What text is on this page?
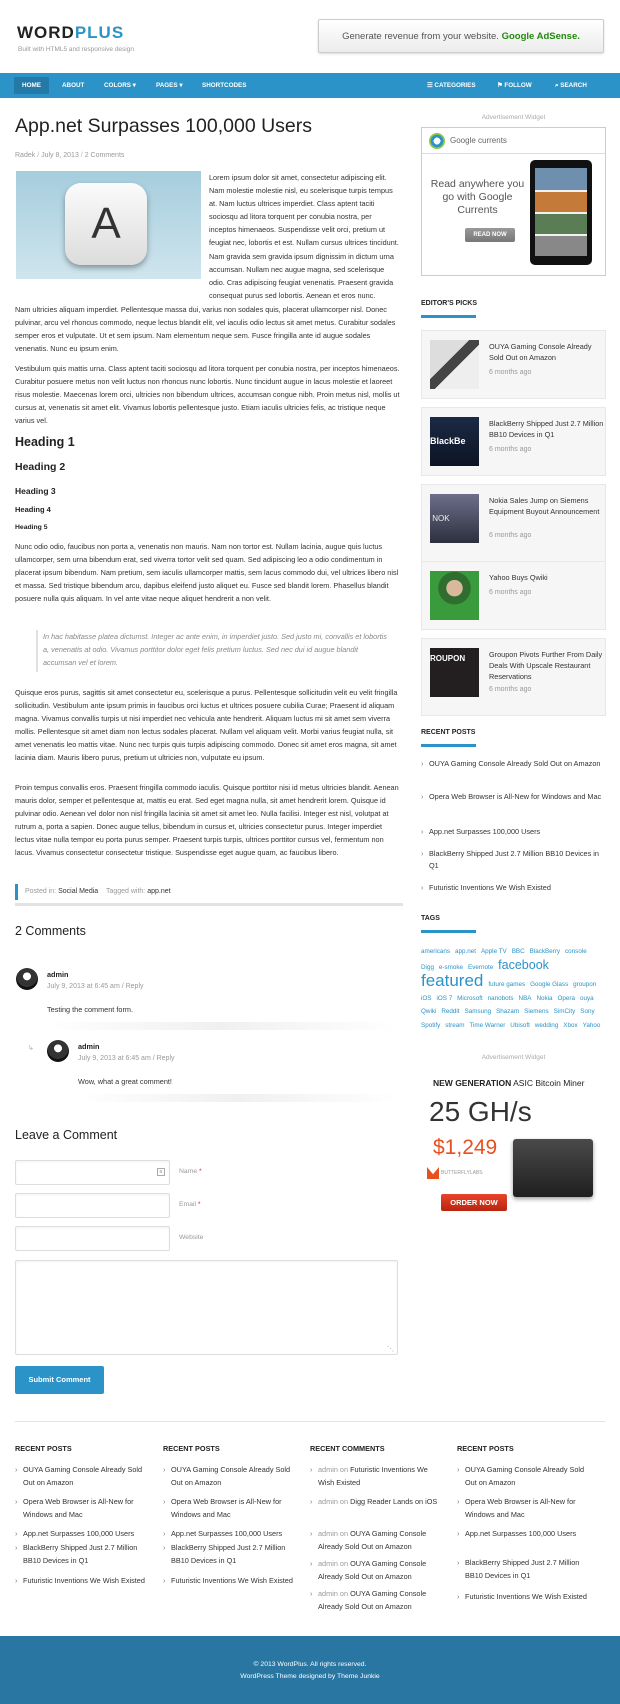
WORDPLUS
Built with HTML5 and responsive design
Generate revenue from your website. Google AdSense.
HOME	ABOUT	COLORS ▾	PAGES ▾	SHORTCODES	☰ CATEGORIES	⚑ FOLLOW	⌕ SEARCH
App.net Surpasses 100,000 Users
Radek / July 8, 2013 / 2 Comments
A
Lorem ipsum dolor sit amet, consectetur adipiscing elit. Nam molestie molestie nisl, eu scelerisque turpis tempus at. Nam luctus ultrices imperdiet. Class aptent taciti sociosqu ad litora torquent per conubia nostra, per inceptos himenaeos. Suspendisse velit orci, pretium ut feugiat nec, lobortis et est. Nullam cursus ultrices tincidunt. Nam gravida sem gravida ipsum dignissim in dictum urna accumsan. Nullam nec augue magna, sed scelerisque odio. Cras adipiscing feugiat venenatis. Praesent gravida consequat purus sed lobortis. Aenean et eros nunc.
Nam ultricies aliquam imperdiet. Pellentesque massa dui, varius non sodales quis, placerat ullamcorper nisl. Donec pulvinar, arcu vel rhoncus commodo, neque lectus blandit elit, vel iaculis odio lectus sit amet metus. Curabitur sodales semper eros et vulputate. Ut et sem ipsum. Nam elementum neque sem. Fusce fringilla ante id augue sodales venenatis. Nunc eu ipsum enim.
Vestibulum quis mattis urna. Class aptent taciti sociosqu ad litora torquent per conubia nostra, per inceptos himenaeos. Curabitur posuere metus non velit luctus non rhoncus nunc lobortis. Nunc tincidunt augue in lacus molestie et laoreet risus molestie. Maecenas lorem orci, ultricies non bibendum ultrices, accumsan congue nibh. Proin metus nisl, mollis ut cursus at, venenatis sit amet elit. Vivamus lobortis pellentesque justo. Etiam iaculis ultricies felis, ac tristique neque varius vel.
Heading 1
Heading 2
Heading 3
Heading 4
Heading 5
Nunc odio odio, faucibus non porta a, venenatis non mauris. Nam non tortor est. Nullam lacinia, augue quis luctus ullamcorper, sem urna bibendum erat, sed viverra tortor velit sed quam. Sed adipiscing leo a odio condimentum in placerat ipsum bibendum. Nam pretium, sem iaculis ullamcorper mattis, sem lacus commodo dui, vel ultrices libero nisl et massa. Sed tristique bibendum arcu, dapibus eleifend justo aliquet eu. Fusce sed blandit lorem. Phasellus blandit posuere nulla quis aliquam. In vel ante vitae neque aliquet hendrerit a non velit.
In hac habitasse platea dictumst. Integer ac ante enim, in imperdiet justo. Sed justo mi, convallis et lobortis a, venenatis at odio. Vivamus porttitor dolor eget felis pretium luctus. Sed nec dui id augue blandit accumsan vel et lorem.
Quisque eros purus, sagittis sit amet consectetur eu, scelerisque a purus. Pellentesque sollicitudin velit eu velit fringilla sollicitudin. Vestibulum ante ipsum primis in faucibus orci luctus et ultrices posuere cubilia Curae; Praesent id aliquam magna. Vivamus convallis turpis ut nisi imperdiet nec vehicula ante hendrerit. Aliquam luctus mi sit amet sem viverra mollis. Pellentesque sit amet diam non lectus sodales placerat. Nullam vel aliquam velit. Morbi varius feugiat nulla, sit amet venenatis leo mattis vitae. Nunc nec turpis quis turpis adipiscing commodo. Donec sit amet eros magna, sit amet lacinia diam. Mauris libero purus, pretium ut ultricies non, vulputate eu ipsum.
Proin tempus convallis eros. Praesent fringilla commodo iaculis. Quisque porttitor nisi id metus ultricies blandit. Aenean mauris dolor, semper et pellentesque at, mattis eu erat. Sed eget magna nulla, sit amet hendrerit lorem. Quisque id pulvinar odio. Aenean vel dolor non nisl fringilla lacinia sit amet sit amet leo. Nulla facilisi. Integer est nisl, volutpat at rutrum a, porta a sapien. Donec augue tellus, bibendum in cursus et, ultricies consectetur purus. Integer imperdiet lectus vitae nulla tempor eu porta purus semper. Praesent turpis turpis, ultrices porttitor cursus vel, fermentum non lacus. Vivamus consectetur consectetur tristique. Suspendisse eget augue quam, ac faucibus libero.
Posted in: Social Media Tagged with: app.net
2 Comments
admin
July 9, 2013 at 6:45 am / Reply
Testing the comment form.
↳	admin
July 9, 2013 at 6:45 am / Reply
Wow, what a great comment!
Leave a Comment
≡	Name *
Email *
Website
⋱
Submit Comment
Advertisement Widget
Google currents
Read anywhere you go with Google Currents
READ NOW
EDITOR'S PICKS
OUYA Gaming Console Already Sold Out on Amazon
6 months ago
BlackBe
BlackBerry Shipped Just 2.7 Million BB10 Devices in Q1
6 months ago
NOK
Nokia Sales Jump on Siemens Equipment Buyout Announcement
6 months ago
Yahoo Buys Qwiki
6 months ago
ROUPON	Groupon Pivots Further From Daily Deals With Upscale Restaurant Reservations
6 months ago
RECENT POSTS
› OUYA Gaming Console Already Sold Out on Amazon
› Opera Web Browser is All-New for Windows and Mac
› App.net Surpasses 100,000 Users
› BlackBerry Shipped Just 2.7 Million BB10 Devices in Q1
› Futuristic Inventions We Wish Existed
TAGS
americans app.net Apple TV BBC BlackBerry console Digg e-smoke Evernote facebook featured future games Google Glass groupon iOS iOS 7 Microsoft nanobots NBA Nokia Opera ouya Qwiki Reddit Samsung Shazam Siemens SimCity Sony Spotify stream Time Warner Ubisoft wedding Xbox Yahoo
Advertisement Widget
NEW GENERATION ASIC Bitcoin Miner
25 GH/s
$1,249
BUTTERFLYLABS
ORDER NOW
RECENT POSTS	RECENT POSTS	RECENT COMMENTS	RECENT POSTS
› OUYA Gaming Console Already Sold Out on Amazon
› Opera Web Browser is All-New for Windows and Mac
› App.net Surpasses 100,000 Users
› BlackBerry Shipped Just 2.7 Million BB10 Devices in Q1
› Futuristic Inventions We Wish Existed
› OUYA Gaming Console Already Sold Out on Amazon
› Opera Web Browser is All-New for Windows and Mac
› App.net Surpasses 100,000 Users
› BlackBerry Shipped Just 2.7 Million BB10 Devices in Q1
› Futuristic Inventions We Wish Existed
› admin on Futuristic Inventions We Wish Existed
› admin on Digg Reader Lands on iOS
› admin on OUYA Gaming Console Already Sold Out on Amazon
› admin on OUYA Gaming Console Already Sold Out on Amazon
› admin on OUYA Gaming Console Already Sold Out on Amazon
› OUYA Gaming Console Already Sold Out on Amazon
› Opera Web Browser is All-New for Windows and Mac
› App.net Surpasses 100,000 Users
› BlackBerry Shipped Just 2.7 Million BB10 Devices in Q1
› Futuristic Inventions We Wish Existed
© 2013 WordPlus. All rights reserved.
WordPress Theme designed by Theme Junkie
